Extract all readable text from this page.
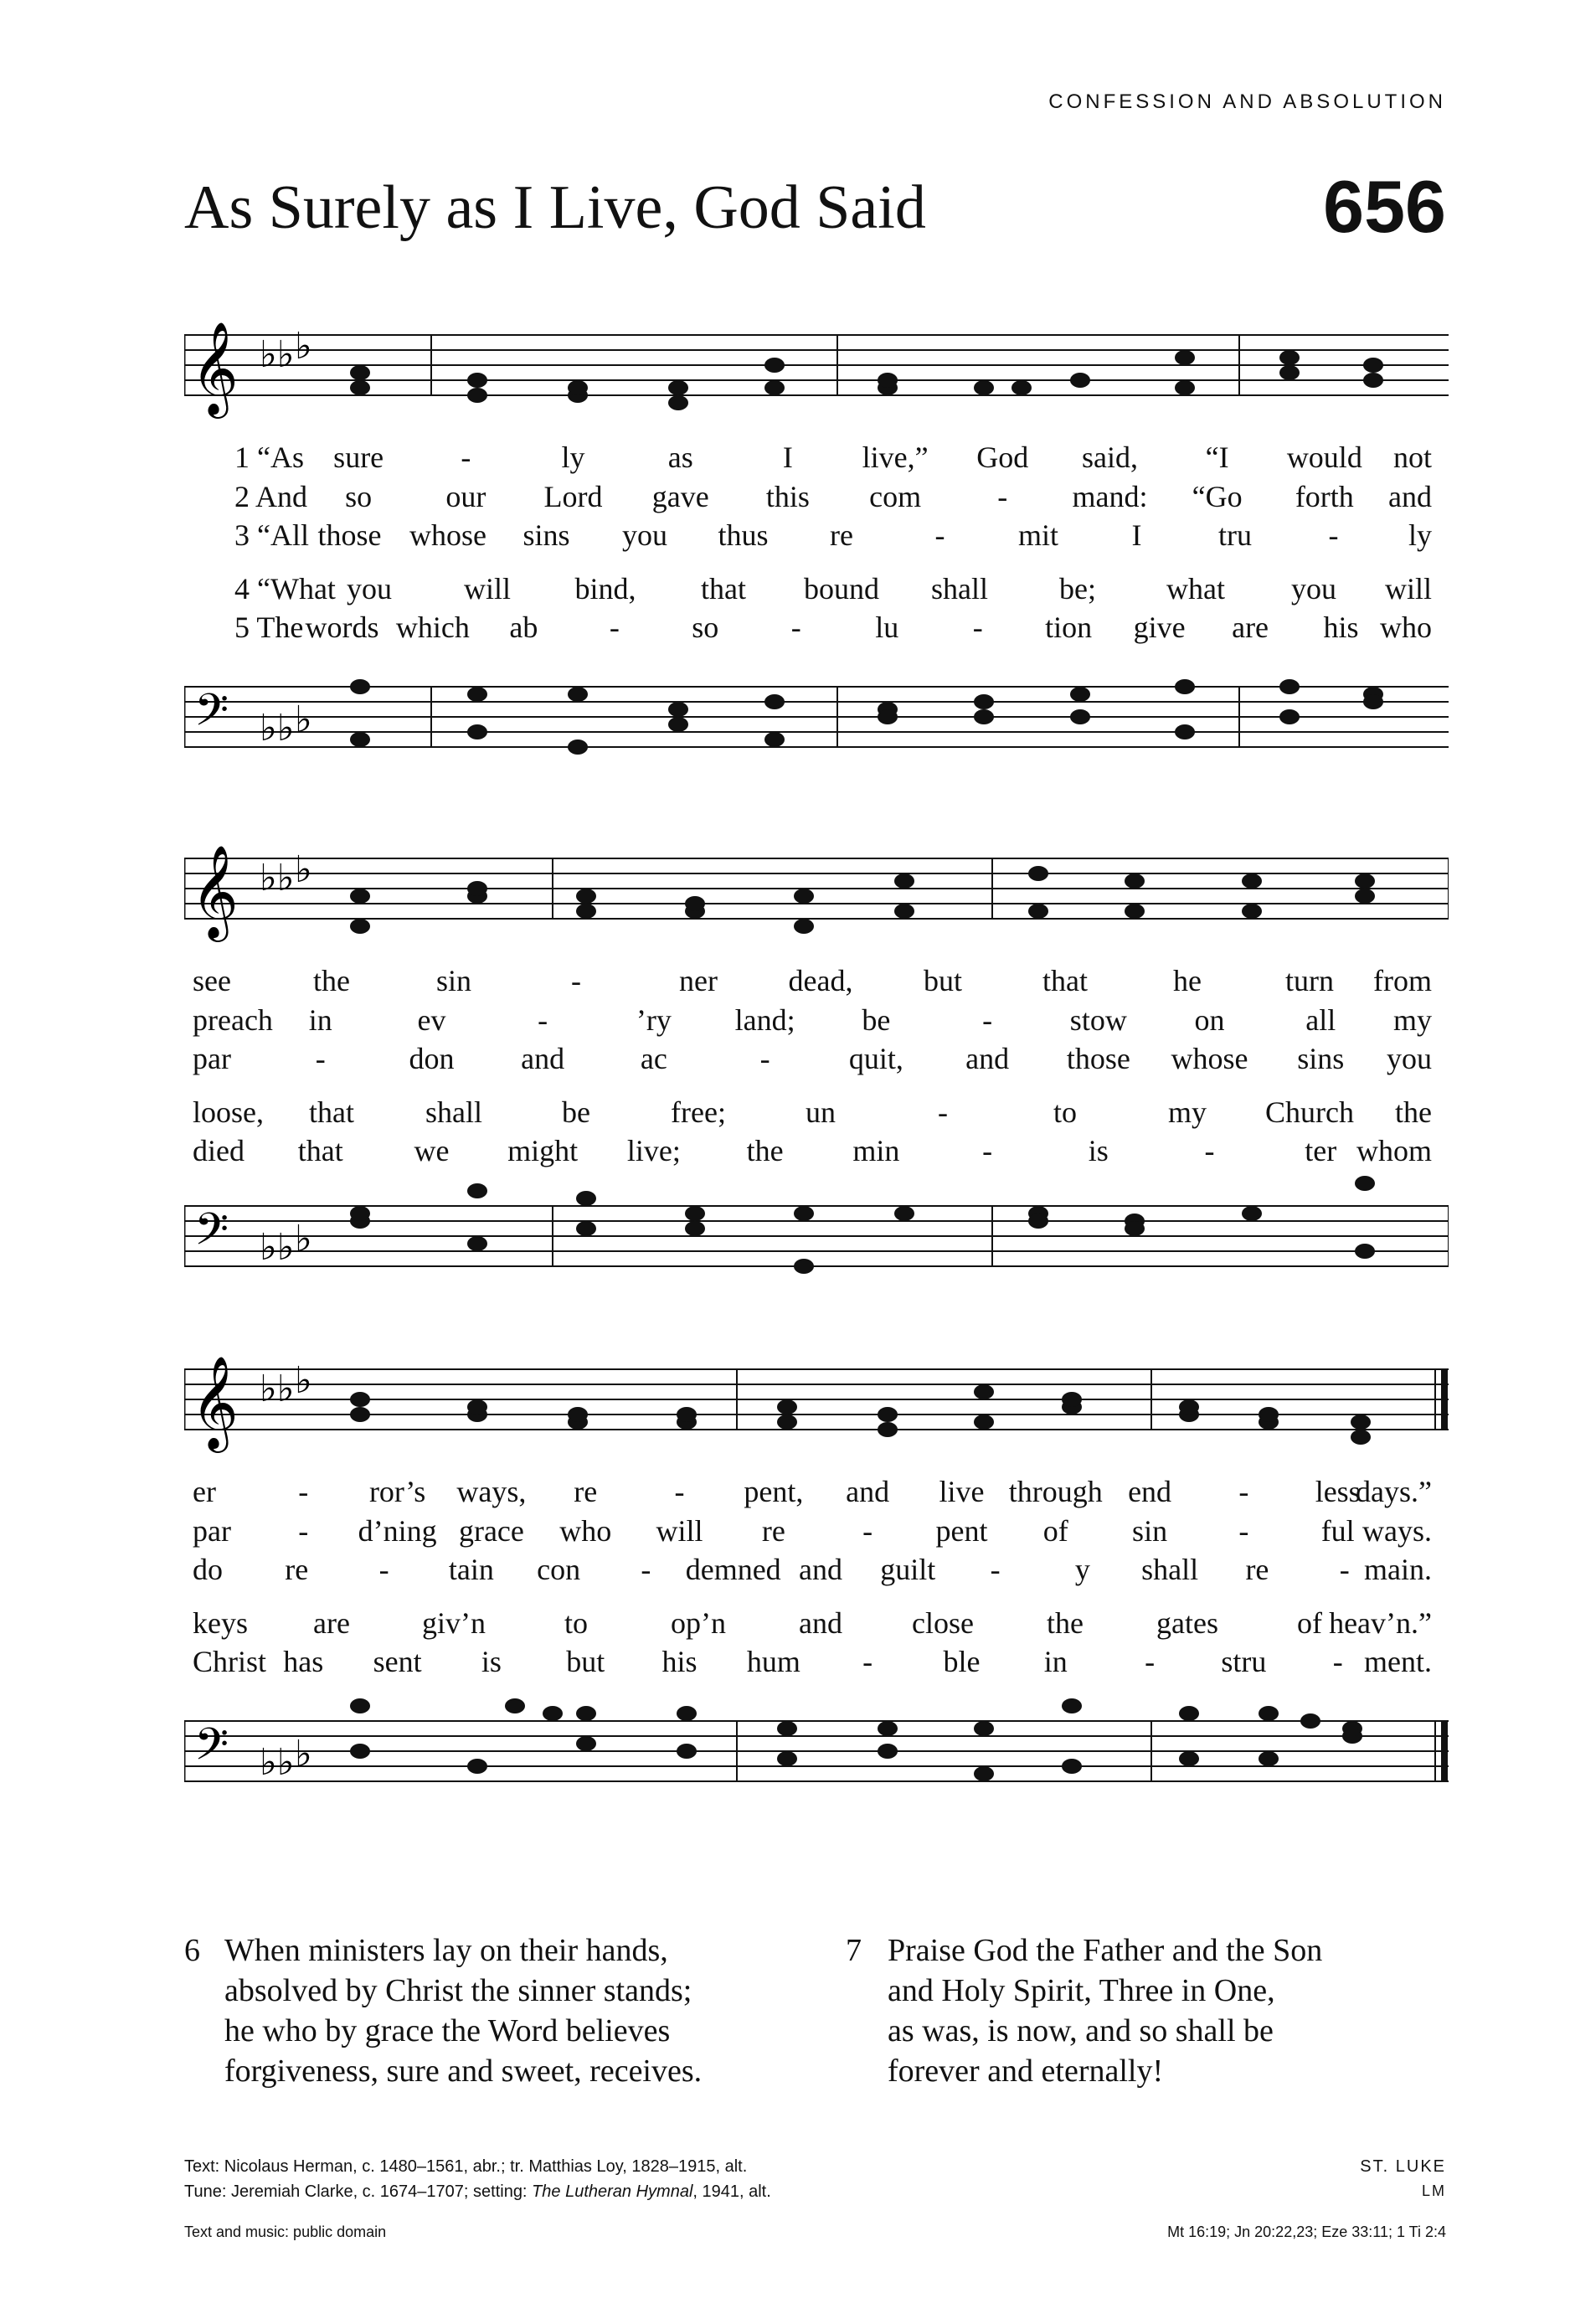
CONFESSION AND ABSOLUTION
As Surely as I Live, God Said	656
𝄞 ♭♭ ♭
1 “As sure	-	ly	as	I live,” God said, “I would not
2 And so our Lord gave this com	- mand: “Go forth and
3 “All those whose sins you thus re	- mit I	tru	- ly
4 “What you will bind, that bound shall be; what you will
5 The words which ab - so - lu - tion give are his who
𝄢 ♭♭ ♭
𝄞 ♭♭ ♭
see	the	sin	-	ner dead, but	that	he	turn from
preach in	ev	-	’ry land; be	-	stow on	all my
par	-	don and	ac	-	quit, and those whose sins you
loose, that shall	be	free;	un	-	to	my Church the
died that we might live; the min	-	is	-	ter whom
𝄢 ♭♭ ♭
𝄞 ♭♭ ♭
er	- ror’s ways, re	- pent, and live through end - less
days.”
par - d’ning grace who will re	- pent of sin - ful ways.
do re - tain con - demned and guilt - y shall re - main.
keys are giv’n	to	op’n and close the gates	of heav’n.”
Christ has sent is but his hum - ble in	- stru - ment.
𝄢 ♭♭ ♭
6 When ministers lay on their hands,
absolved by Christ the sinner stands;
he who by grace the Word believes
forgiveness, sure and sweet, receives.
7 Praise God the Father and the Son
and Holy Spirit, Three in One,
as was, is now, and so shall be
forever and eternally!
Text: Nicolaus Herman, c. 1480–1561, abr.; tr. Matthias Loy, 1828–1915, alt.
Tune: Jeremiah Clarke, c. 1674–1707; setting: The Lutheran Hymnal, 1941, alt.
Text and music: public domain
ST. LUKE
LM
Mt 16:19; Jn 20:22,23; Eze 33:11; 1 Ti 2:4
